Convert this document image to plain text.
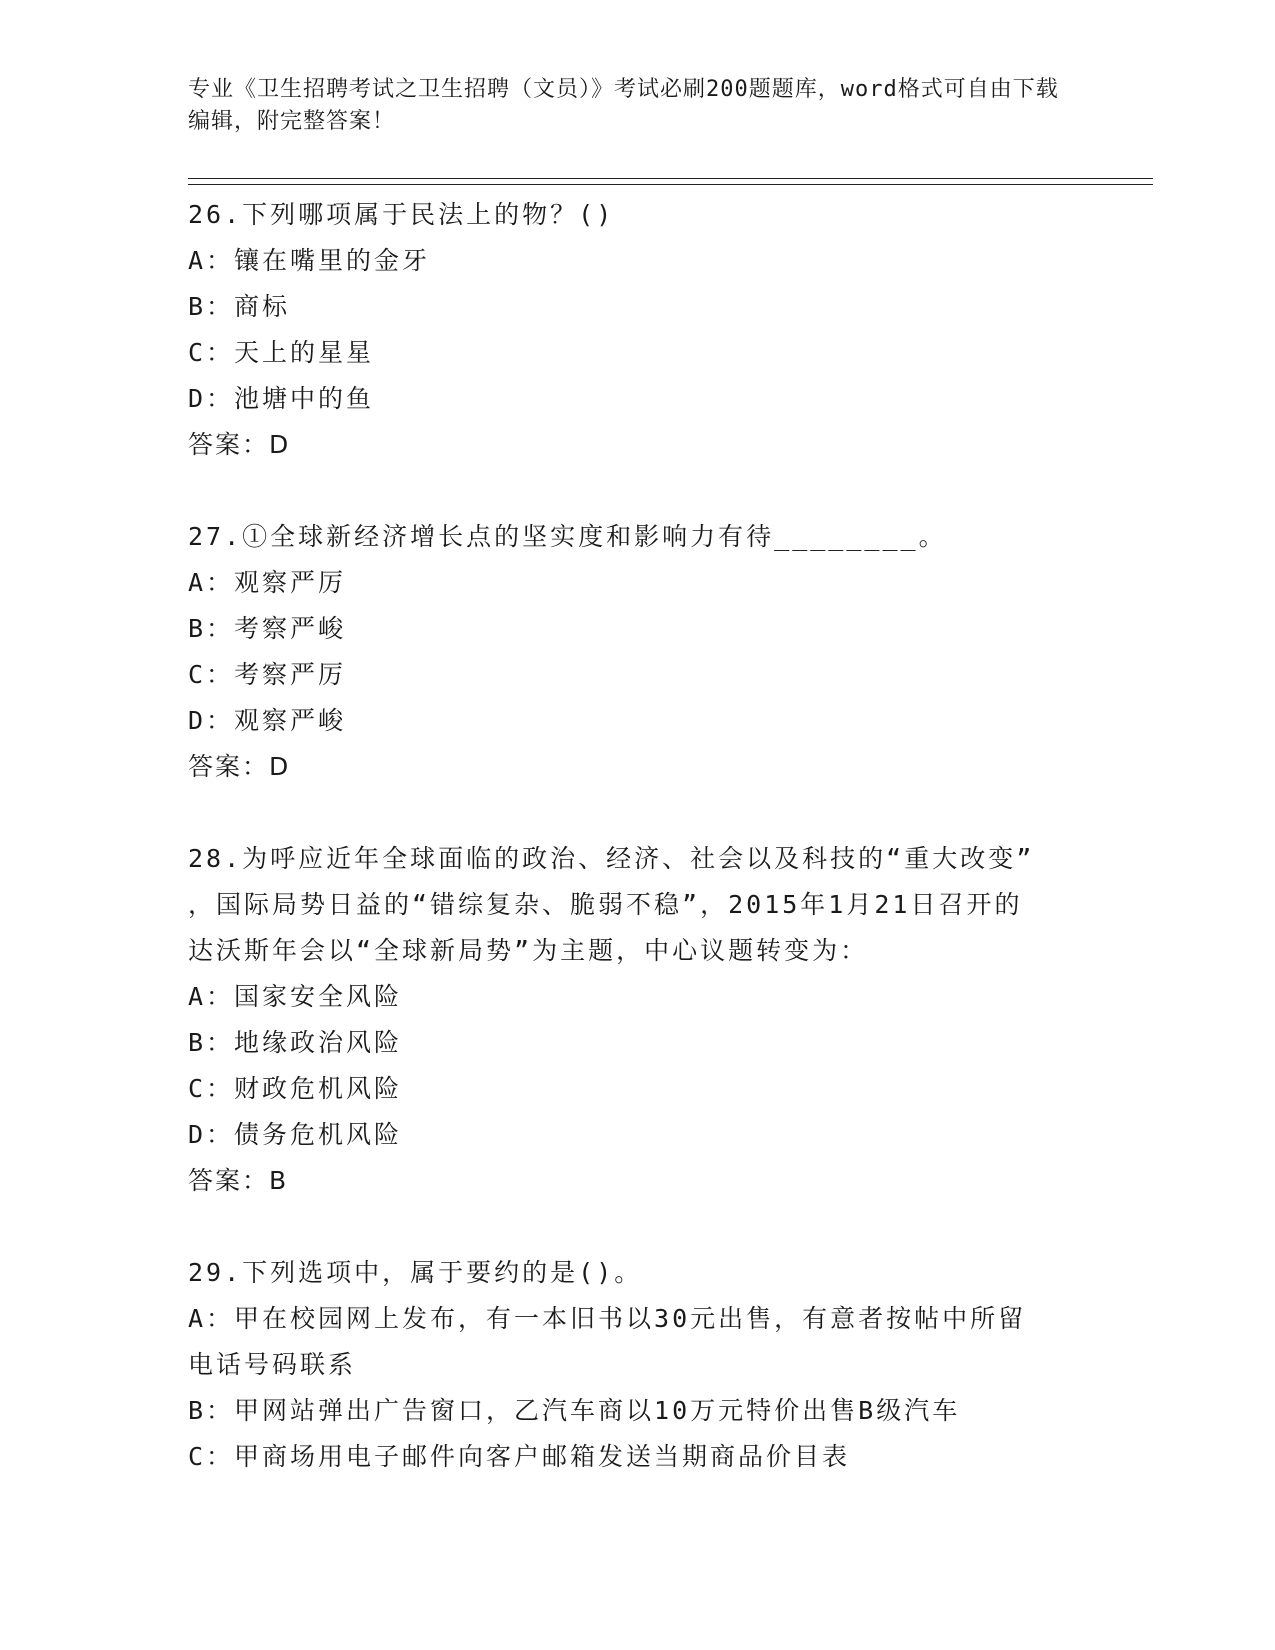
专业《卫生招聘考试之卫生招聘（文员）》考试必刷200题题库，word格式可自由下载编辑，附完整答案！
26.下列哪项属于民法上的物？()
A：镶在嘴里的金牙
B：商标
C：天上的星星
D：池塘中的鱼
答案：D
27.①全球新经济增长点的坚实度和影响力有待________。
A：观察严厉
B：考察严峻
C：考察严厉
D：观察严峻
答案：D
28.为呼应近年全球面临的政治、经济、社会以及科技的“重大改变”
，国际局势日益的“错综复杂、脆弱不稳”，2015年1月21日召开的
达沃斯年会以“全球新局势”为主题，中心议题转变为：
A：国家安全风险
B：地缘政治风险
C：财政危机风险
D：债务危机风险
答案：B
29.下列选项中，属于要约的是()。
A：甲在校园网上发布，有一本旧书以30元出售，有意者按帖中所留
电话号码联系
B：甲网站弹出广告窗口，乙汽车商以10万元特价出售B级汽车
C：甲商场用电子邮件向客户邮箱发送当期商品价目表
